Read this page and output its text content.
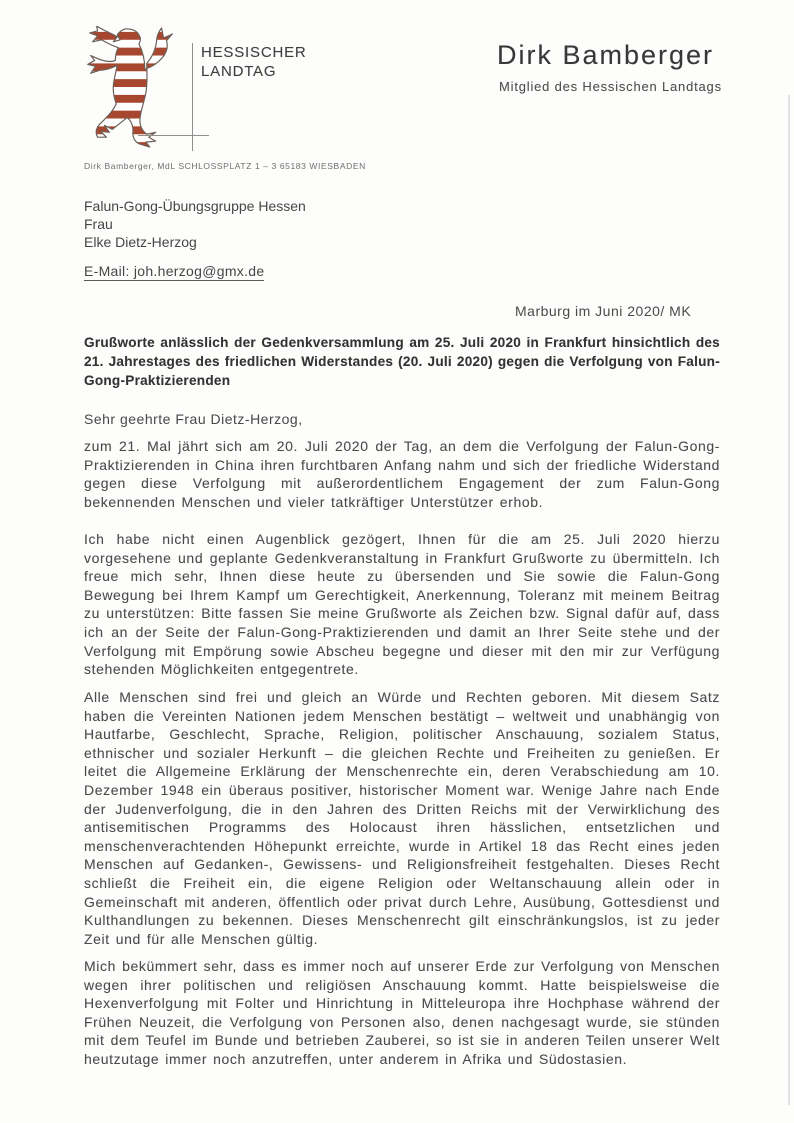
HESSISCHER
LANDTAG
Dirk Bamberger
Mitglied des Hessischen Landtags
Dirk Bamberger, MdL SCHLOSSPLATZ 1 – 3 65183 WIESBADEN
Falun-Gong-Übungsgruppe Hessen
Frau
Elke Dietz-Herzog
E-Mail: joh.herzog@gmx.de
Marburg im Juni 2020/ MK
Grußworte anlässlich der Gedenkversammlung am 25. Juli 2020 in Frankfurt hinsichtlich des 21. Jahrestages des friedlichen Widerstandes (20. Juli 2020) gegen die Verfolgung von Falun-Gong-Praktizierenden
Sehr geehrte Frau Dietz-Herzog,

zum 21. Mal jährt sich am 20. Juli 2020 der Tag, an dem die Verfolgung der Falun-Gong-Praktizierenden in China ihren furchtbaren Anfang nahm und sich der friedliche Widerstand gegen diese Verfolgung mit außerordentlichem Engagement der zum Falun-Gong bekennenden Menschen und vieler tatkräftiger Unterstützer erhob.

Ich habe nicht einen Augenblick gezögert, Ihnen für die am 25. Juli 2020 hierzu vorgesehene und geplante Gedenkveranstaltung in Frankfurt Grußworte zu übermitteln. Ich freue mich sehr, Ihnen diese heute zu übersenden und Sie sowie die Falun-Gong Bewegung bei Ihrem Kampf um Gerechtigkeit, Anerkennung, Toleranz mit meinem Beitrag zu unterstützen: Bitte fassen Sie meine Grußworte als Zeichen bzw. Signal dafür auf, dass ich an der Seite der Falun-Gong-Praktizierenden und damit an Ihrer Seite stehe und der Verfolgung mit Empörung sowie Abscheu begegne und dieser mit den mir zur Verfügung stehenden Möglichkeiten entgegentrete.

Alle Menschen sind frei und gleich an Würde und Rechten geboren. Mit diesem Satz haben die Vereinten Nationen jedem Menschen bestätigt – weltweit und unabhängig von Hautfarbe, Geschlecht, Sprache, Religion, politischer Anschauung, sozialem Status, ethnischer und sozialer Herkunft – die gleichen Rechte und Freiheiten zu genießen. Er leitet die Allgemeine Erklärung der Menschenrechte ein, deren Verabschiedung am 10. Dezember 1948 ein überaus positiver, historischer Moment war. Wenige Jahre nach Ende der Judenverfolgung, die in den Jahren des Dritten Reichs mit der Verwirklichung des antisemitischen Programms des Holocaust ihren hässlichen, entsetzlichen und menschenverachtenden Höhepunkt erreichte, wurde in Artikel 18 das Recht eines jeden Menschen auf Gedanken-, Gewissens- und Religionsfreiheit festgehalten. Dieses Recht schließt die Freiheit ein, die eigene Religion oder Weltanschauung allein oder in Gemeinschaft mit anderen, öffentlich oder privat durch Lehre, Ausübung, Gottesdienst und Kulthandlungen zu bekennen. Dieses Menschenrecht gilt einschränkungslos, ist zu jeder Zeit und für alle Menschen gültig.

Mich bekümmert sehr, dass es immer noch auf unserer Erde zur Verfolgung von Menschen wegen ihrer politischen und religiösen Anschauung kommt. Hatte beispielsweise die Hexenverfolgung mit Folter und Hinrichtung in Mitteleuropa ihre Hochphase während der Frühen Neuzeit, die Verfolgung von Personen also, denen nachgesagt wurde, sie stünden mit dem Teufel im Bunde und betrieben Zauberei, so ist sie in anderen Teilen unserer Welt heutzutage immer noch anzutreffen, unter anderem in Afrika und Südostasien.
